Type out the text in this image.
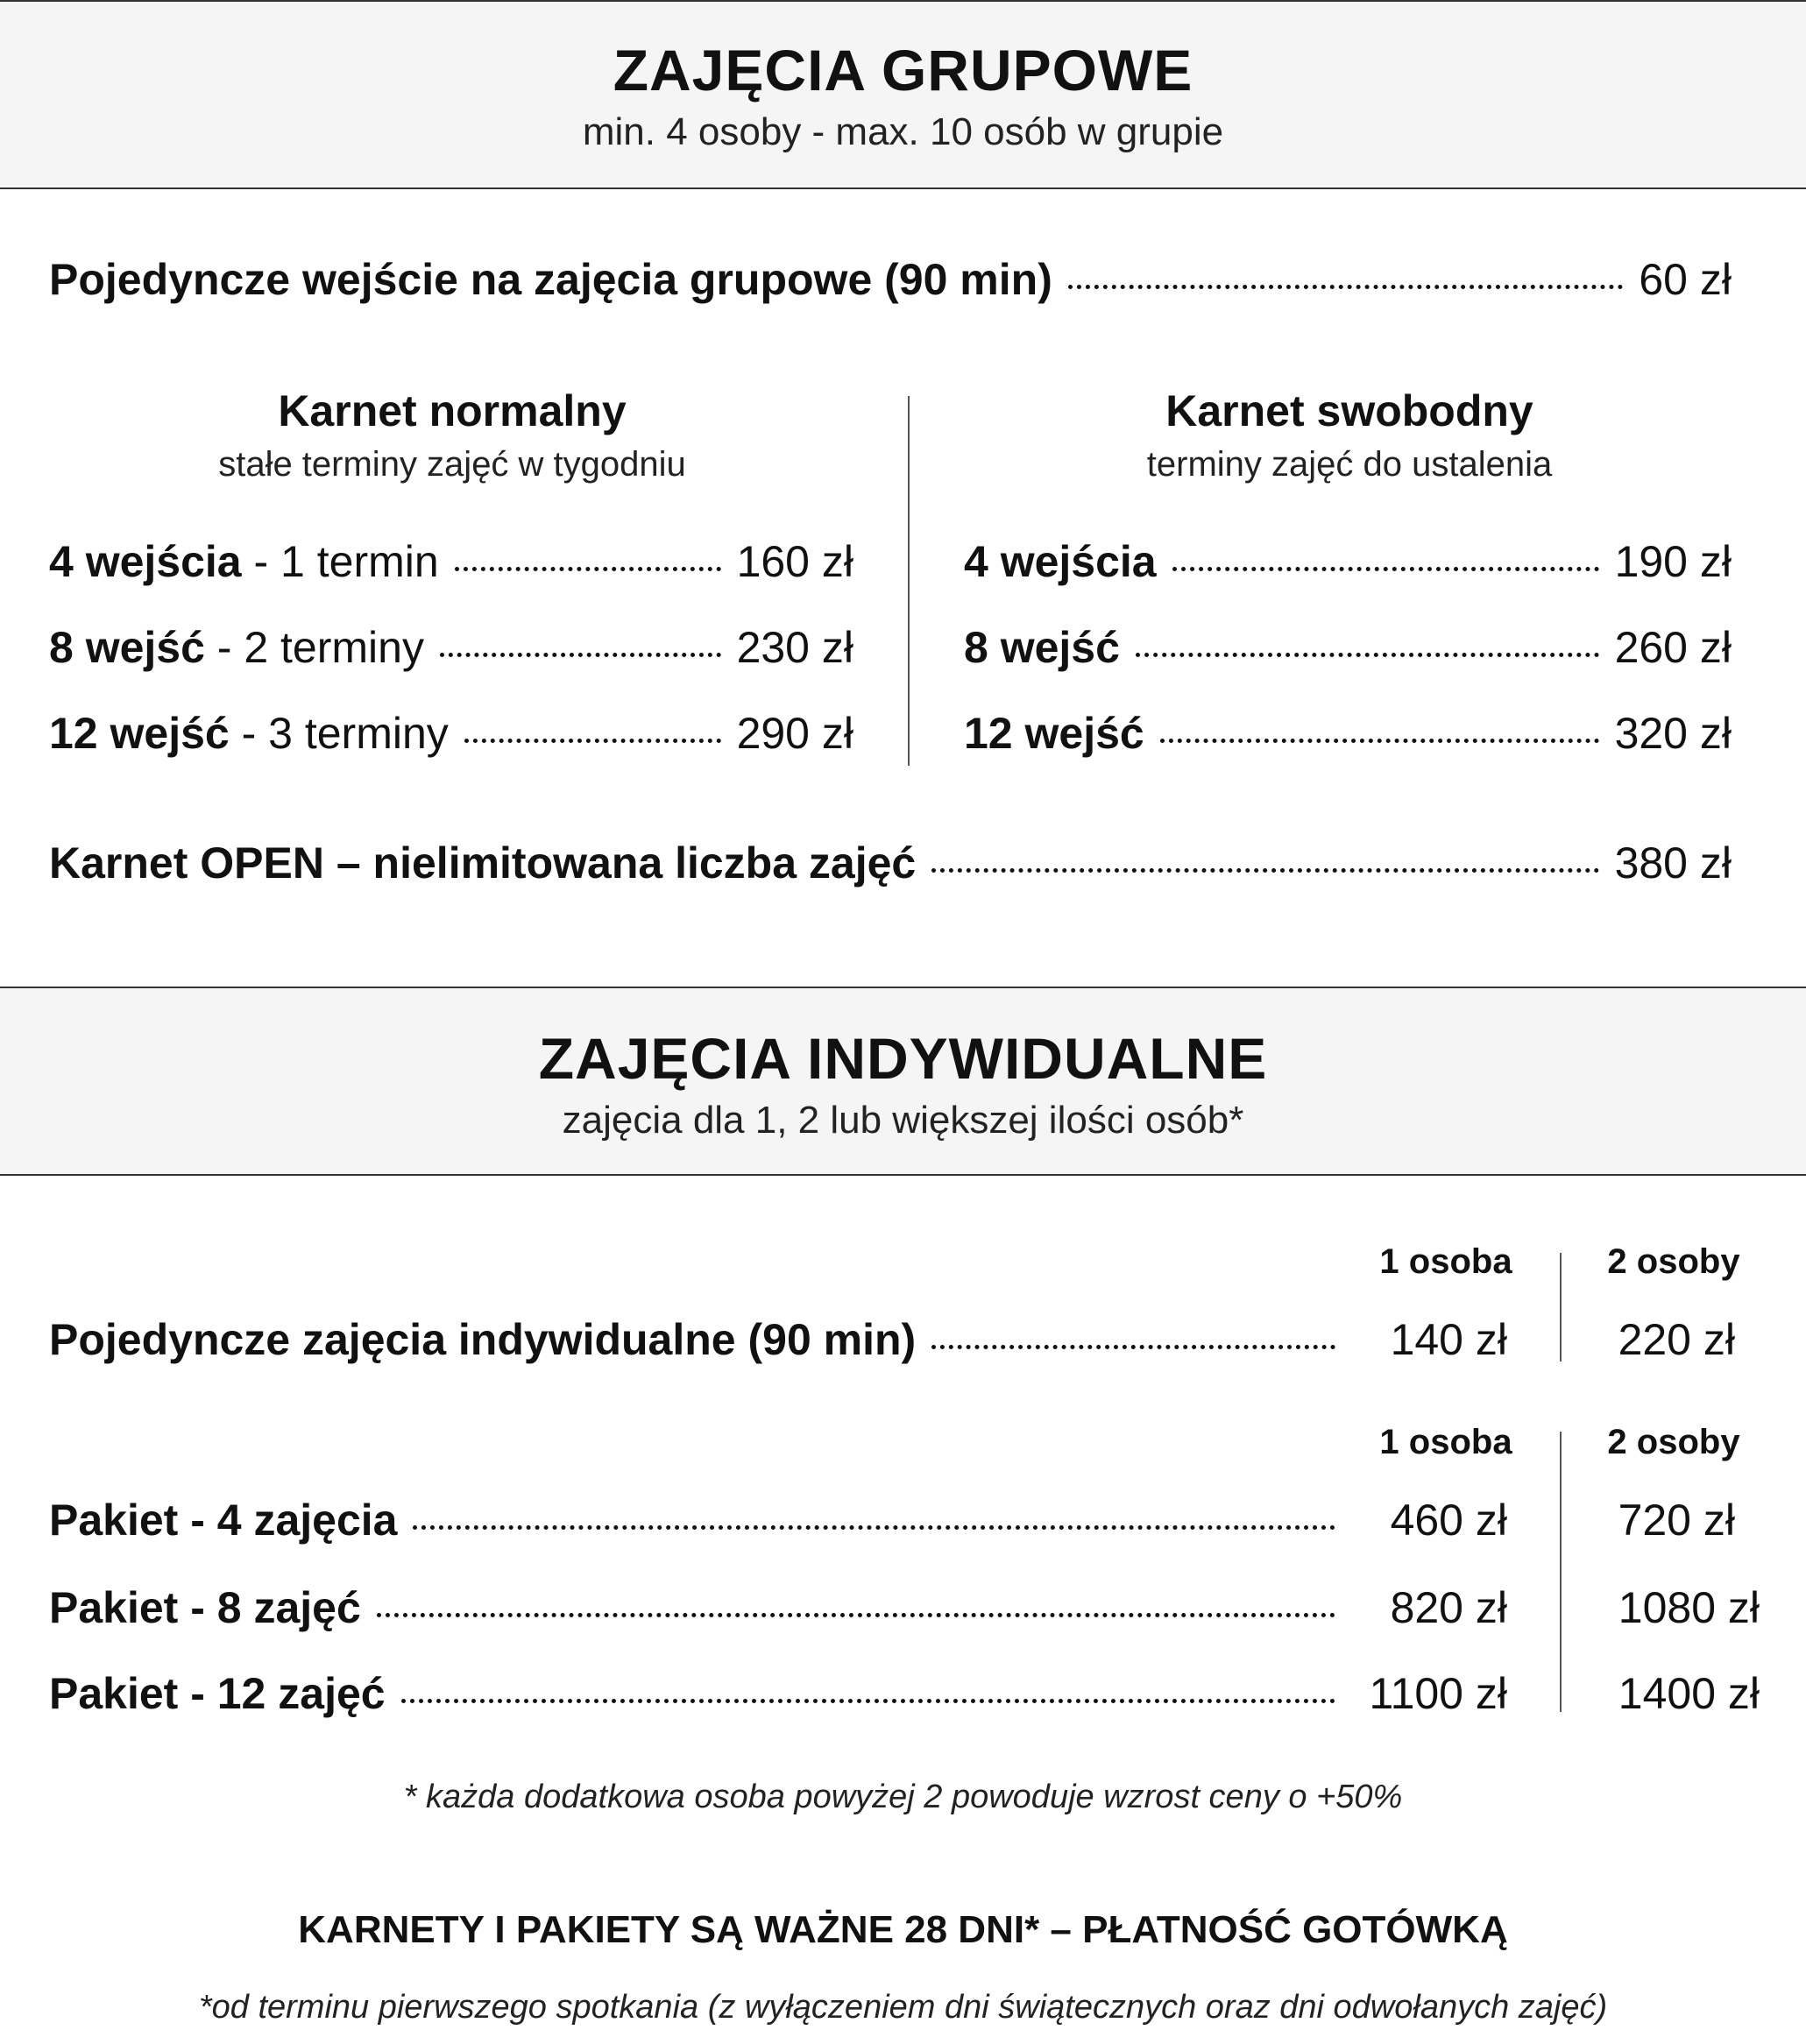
ZAJĘCIA GRUPOWE
min. 4 osoby - max. 10 osób w grupie
Pojedyncze wejście na zajęcia grupowe (90 min)	60 zł
Karnet normalny
stałe terminy zajęć w tygodniu
Karnet swobodny
terminy zajęć do ustalenia
4 wejścia - 1 termin	160 zł
8 wejść - 2 terminy	230 zł
12 wejść - 3 terminy	290 zł
4 wejścia	190 zł
8 wejść	260 zł
12 wejść	320 zł
Karnet OPEN – nielimitowana liczba zajęć	380 zł
ZAJĘCIA INDYWIDUALNE
zajęcia dla 1, 2 lub większej ilości osób*
1 osoba	2 osoby
Pojedyncze zajęcia indywidualne (90 min)	140 zł	220 zł
1 osoba	2 osoby
Pakiet - 4 zajęcia	460 zł	720 zł
Pakiet - 8 zajęć	820 zł	1080 zł
Pakiet - 12 zajęć	1100 zł	1400 zł
* każda dodatkowa osoba powyżej 2 powoduje wzrost ceny o +50%
KARNETY I PAKIETY SĄ WAŻNE 28 DNI* – PŁATNOŚĆ GOTÓWKĄ
*od terminu pierwszego spotkania (z wyłączeniem dni świątecznych oraz dni odwołanych zajęć)
